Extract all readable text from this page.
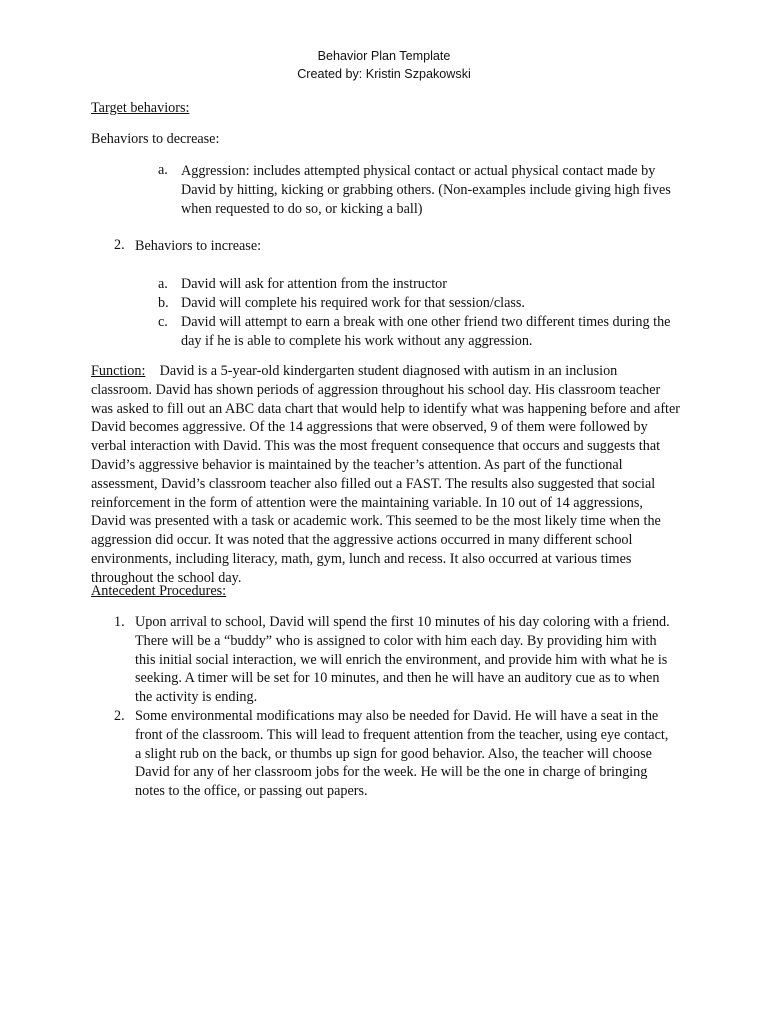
Behavior Plan Template
Created by: Kristin Szpakowski
Target behaviors:
Behaviors to decrease:
a. Aggression: includes attempted physical contact or actual physical contact made by David by hitting, kicking or grabbing others. (Non-examples include giving high fives when requested to do so, or kicking a ball)
2. Behaviors to increase:
a. David will ask for attention from the instructor
b. David will complete his required work for that session/class.
c. David will attempt to earn a break with one other friend two different times during the day if he is able to complete his work without any aggression.
Function: David is a 5-year-old kindergarten student diagnosed with autism in an inclusion classroom. David has shown periods of aggression throughout his school day. His classroom teacher was asked to fill out an ABC data chart that would help to identify what was happening before and after David becomes aggressive. Of the 14 aggressions that were observed, 9 of them were followed by verbal interaction with David. This was the most frequent consequence that occurs and suggests that David’s aggressive behavior is maintained by the teacher’s attention. As part of the functional assessment, David’s classroom teacher also filled out a FAST. The results also suggested that social reinforcement in the form of attention were the maintaining variable. In 10 out of 14 aggressions, David was presented with a task or academic work. This seemed to be the most likely time when the aggression did occur. It was noted that the aggressive actions occurred in many different school environments, including literacy, math, gym, lunch and recess. It also occurred at various times throughout the school day.
Antecedent Procedures:
1. Upon arrival to school, David will spend the first 10 minutes of his day coloring with a friend. There will be a “buddy” who is assigned to color with him each day. By providing him with this initial social interaction, we will enrich the environment, and provide him with what he is seeking. A timer will be set for 10 minutes, and then he will have an auditory cue as to when the activity is ending.
2. Some environmental modifications may also be needed for David. He will have a seat in the front of the classroom. This will lead to frequent attention from the teacher, using eye contact, a slight rub on the back, or thumbs up sign for good behavior. Also, the teacher will choose David for any of her classroom jobs for the week. He will be the one in charge of bringing notes to the office, or passing out papers.
